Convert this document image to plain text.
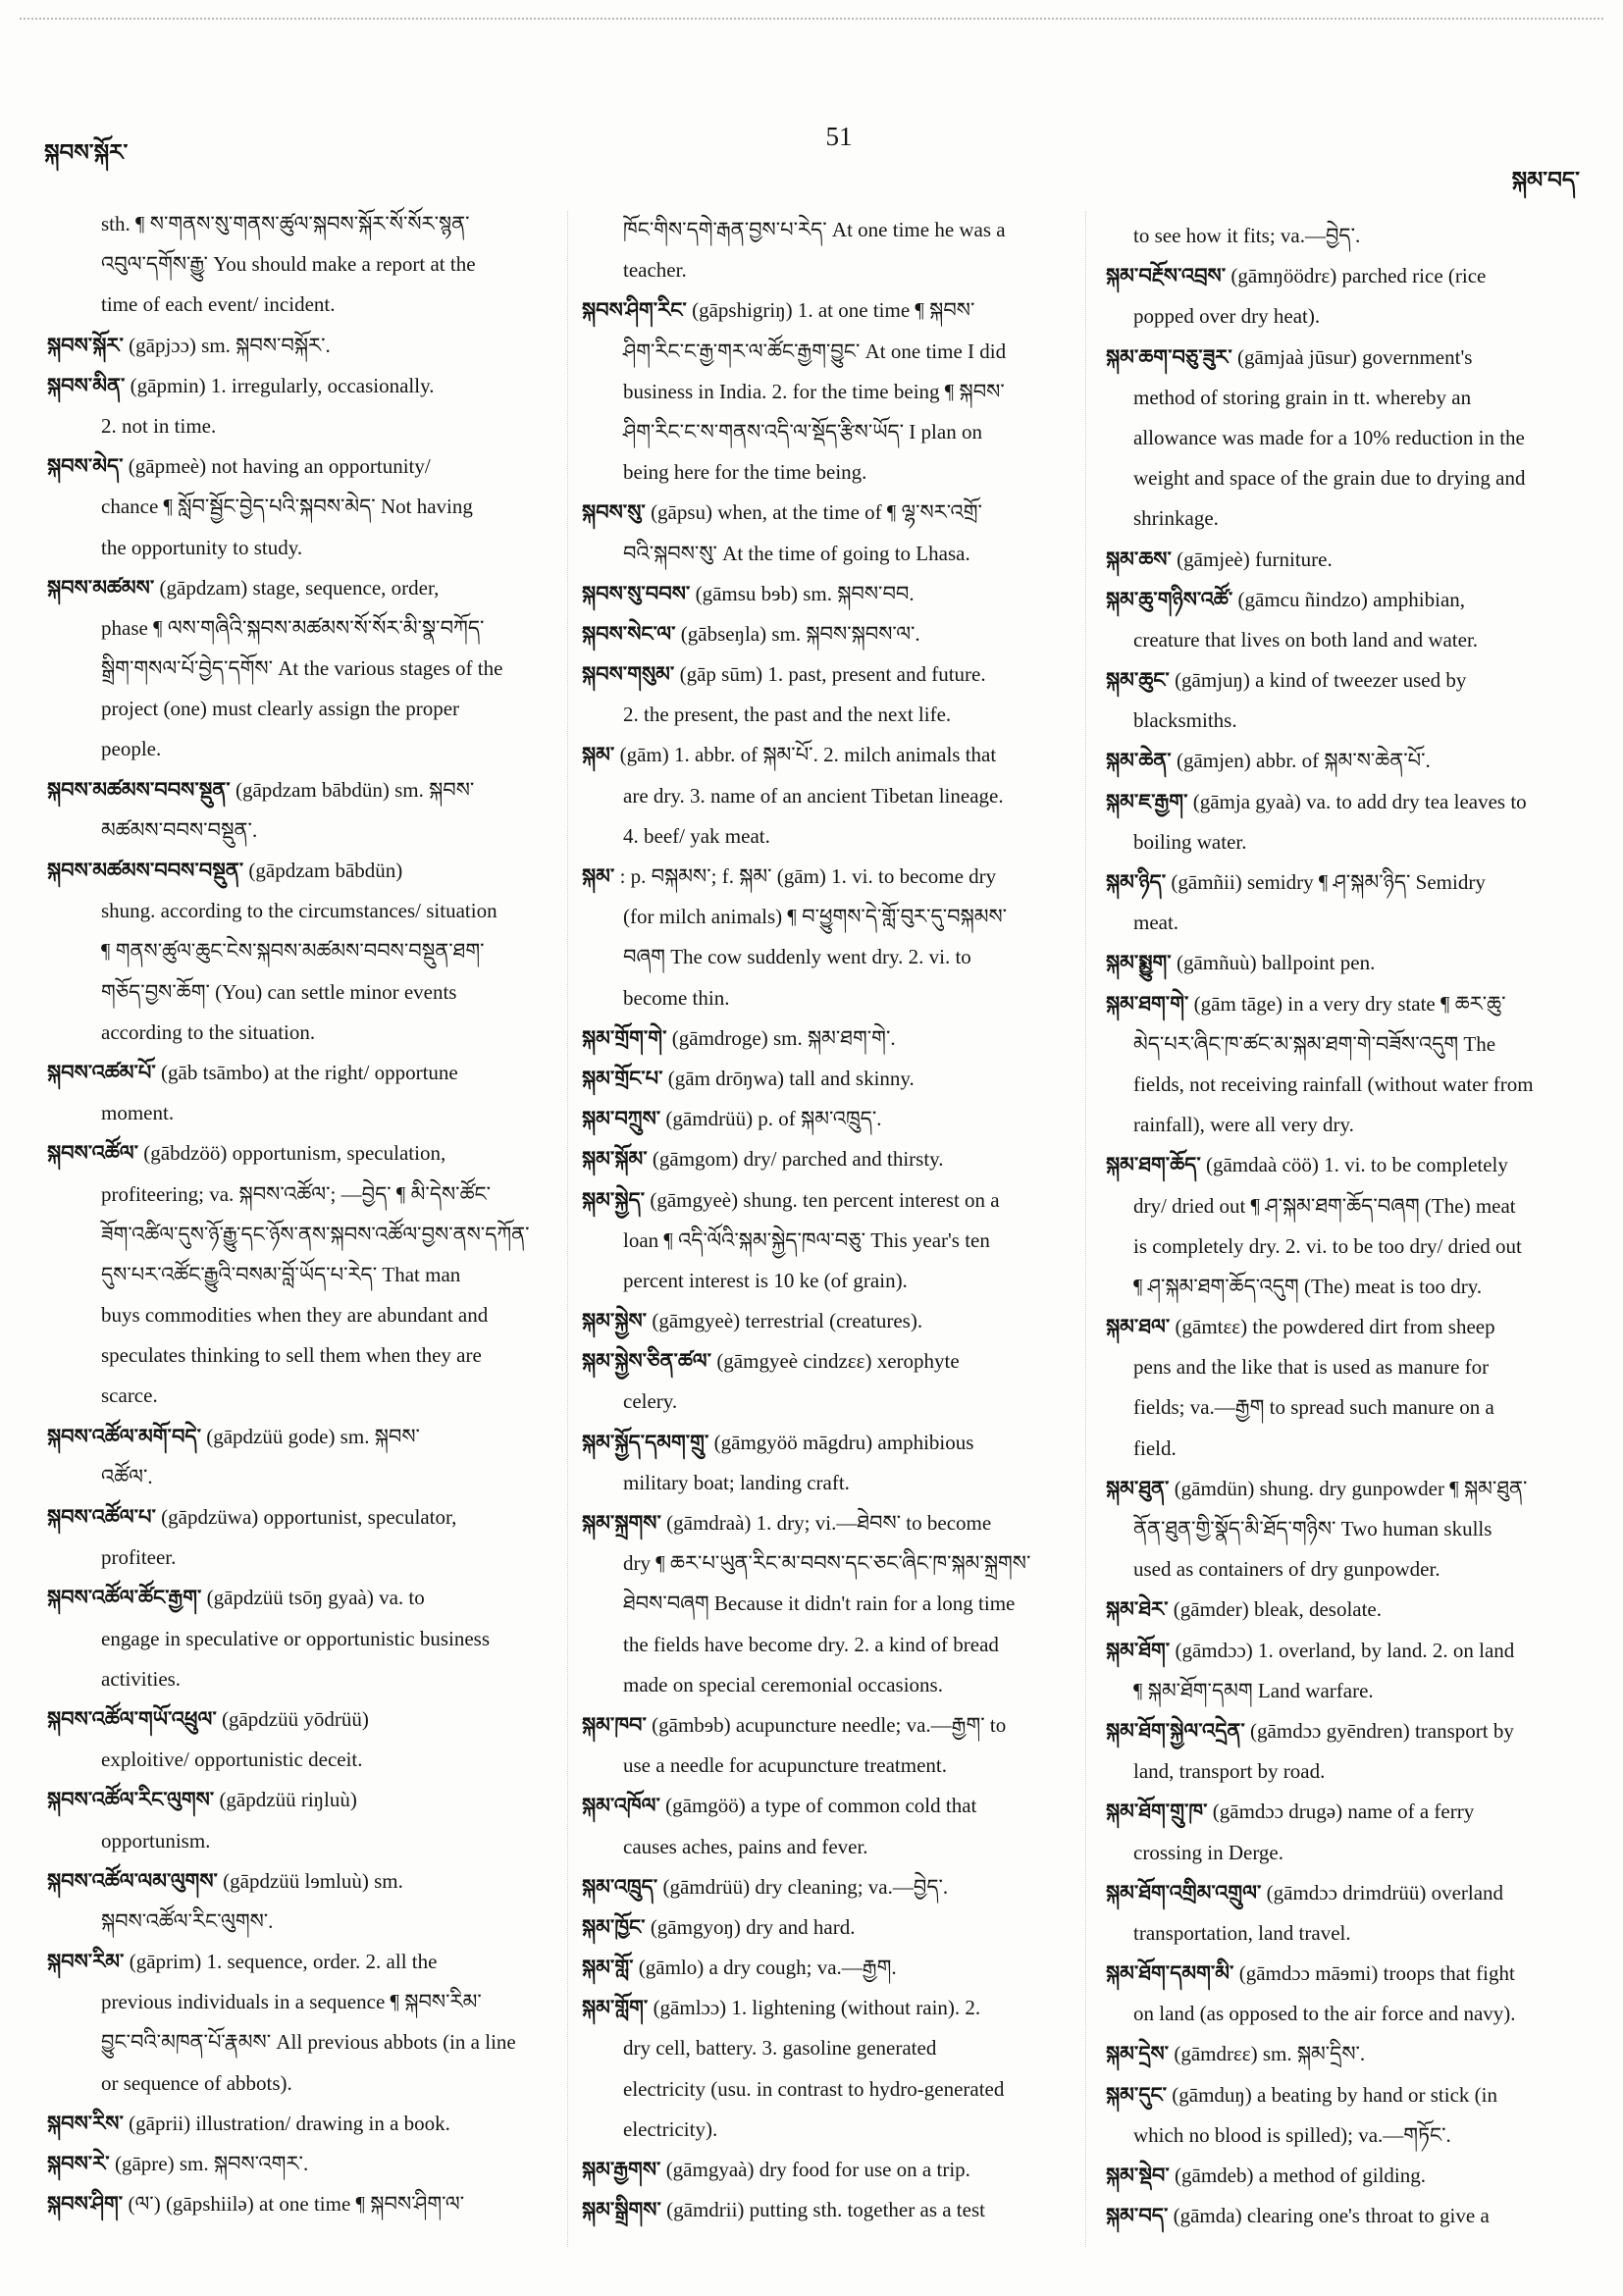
སྐབས་སྐོར་
51
སྐམ་བད་
sth. ¶ ས་གནས་སུ་གནས་ཚུལ་སྐབས་སྐོར་སོ་སོར་སྙན་
འབུལ་དགོས་རྒྱུ་ You should make a report at the
time of each event/ incident.
སྐབས་སྐོར་ (gāpjɔɔ) sm. སྐབས་བསྐོར་.
སྐབས་མིན་ (gāpmin) 1. irregularly, occasionally.
2. not in time.
སྐབས་མེད་ (gāpmeè) not having an opportunity/
chance ¶ སློབ་སྦྱོང་བྱེད་པའི་སྐབས་མེད་ Not having
the opportunity to study.
སྐབས་མཚམས་ (gāpdzam) stage, sequence, order,
phase ¶ ལས་གཞིའི་སྐབས་མཚམས་སོ་སོར་མི་སྣ་བཀོད་
སྒྲིག་གསལ་པོ་བྱེད་དགོས་ At the various stages of the
project (one) must clearly assign the proper
people.
སྐབས་མཚམས་བབས་སྡུན་ (gāpdzam bābdün) sm. སྐབས་
མཚམས་བབས་བསྡུན་.
སྐབས་མཚམས་བབས་བསྡུན་ (gāpdzam bābdün)
shung. according to the circumstances/ situation
¶ གནས་ཚུལ་ཆུང་ངེས་སྐབས་མཚམས་བབས་བསྡུན་ཐག་
གཅོད་བྱས་ཆོག་ (You) can settle minor events
according to the situation.
སྐབས་འཚམ་པོ་ (gāb tsāmbo) at the right/ opportune
moment.
སྐབས་འཚོལ་ (gābdzöö) opportunism, speculation,
profiteering; va. སྐབས་འཚོལ་; —བྱེད་ ¶ མི་དེས་ཚོང་
ཟོག་འཚིལ་དུས་ཉོ་རྒྱུ་དང་ཉོས་ནས་སྐབས་འཚོལ་བྱས་ནས་དཀོན་
དུས་པར་འཚོང་རྒྱུའི་བསམ་བློ་ཡོད་པ་རེད་ That man
buys commodities when they are abundant and
speculates thinking to sell them when they are
scarce.
སྐབས་འཚོལ་མགོ་བདེ་ (gāpdzüü gode) sm. སྐབས་
འཚོལ་.
སྐབས་འཚོལ་པ་ (gāpdzüwa) opportunist, speculator,
profiteer.
སྐབས་འཚོལ་ཚོང་རྒྱག་ (gāpdzüü tsōŋ gyaà) va. to
engage in speculative or opportunistic business
activities.
སྐབས་འཚོལ་གཡོ་འཕྲུལ་ (gāpdzüü yōdrüü)
exploitive/ opportunistic deceit.
སྐབས་འཚོལ་རིང་ལུགས་ (gāpdzüü riŋluù)
opportunism.
སྐབས་འཚོལ་ལམ་ལུགས་ (gāpdzüü lɘmluù) sm.
སྐབས་འཚོལ་རིང་ལུགས་.
སྐབས་རིམ་ (gāprim) 1. sequence, order. 2. all the
previous individuals in a sequence ¶ སྐབས་རིམ་
བྱུང་བའི་མཁན་པོ་རྣམས་ All previous abbots (in a line
or sequence of abbots).
སྐབས་རིས་ (gāprii) illustration/ drawing in a book.
སྐབས་རེ་ (gāpre) sm. སྐབས་འགར་.
སྐབས་ཤིག་ (ལ་) (gāpshiilə) at one time ¶ སྐབས་ཤིག་ལ་
ཁོང་གིས་དགེ་རྒན་བྱས་པ་རེད་ At one time he was a
teacher.
སྐབས་ཤིག་རིང་ (gāpshigriŋ) 1. at one time ¶ སྐབས་
ཤིག་རིང་ང་རྒྱ་གར་ལ་ཚོང་རྒྱག་བྱུང་ At one time I did
business in India. 2. for the time being ¶ སྐབས་
ཤིག་རིང་ང་ས་གནས་འདི་ལ་སྡོད་རྩིས་ཡོད་ I plan on
being here for the time being.
སྐབས་སུ་ (gāpsu) when, at the time of ¶ ལྷ་སར་འགྲོ་
བའི་སྐབས་སུ་ At the time of going to Lhasa.
སྐབས་སུ་བབས་ (gāmsu bɘb) sm. སྐབས་བབ.
སྐབས་སེང་ལ་ (gābseŋla) sm. སྐབས་སྐབས་ལ་.
སྐབས་གསུམ་ (gāp sūm) 1. past, present and future.
2. the present, the past and the next life.
སྐམ་ (gām) 1. abbr. of སྐམ་པོ་. 2. milch animals that
are dry. 3. name of an ancient Tibetan lineage.
4. beef/ yak meat.
སྐམ་ : p. བསྐམས་; f. སྐམ་ (gām) 1. vi. to become dry
(for milch animals) ¶ བ་ཕྱུགས་དེ་གློ་བུར་དུ་བསྐམས་
བཞག The cow suddenly went dry. 2. vi. to
become thin.
སྐམ་གྲོག་གེ་ (gāmdroge) sm. སྐམ་ཐག་གེ་.
སྐམ་གྲོང་པ་ (gām drōŋwa) tall and skinny.
སྐམ་བཀྲུས་ (gāmdrüü) p. of སྐམ་འཁྲུད་.
སྐམ་སྐོམ་ (gāmgom) dry/ parched and thirsty.
སྐམ་སྐྱེད་ (gāmgyeè) shung. ten percent interest on a
loan ¶ འདི་ལོའི་སྐམ་སྐྱེད་ཁལ་བཅུ་ This year's ten
percent interest is 10 ke (of grain).
སྐམ་སྐྱེས་ (gāmgyeè) terrestrial (creatures).
སྐམ་སྐྱེས་ཅིན་ཚལ་ (gāmgyeè cindzɛɛ) xerophyte
celery.
སྐམ་སྐྱོད་དམག་གྲུ་ (gāmgyöö māgdru) amphibious
military boat; landing craft.
སྐམ་སྐྲགས་ (gāmdraà) 1. dry; vi.—ཐེབས་ to become
dry ¶ ཆར་པ་ཡུན་རིང་མ་བབས་དང་ཅང་ཞིང་ཁ་སྐམ་སྐྲགས་
ཐེབས་བཞག Because it didn't rain for a long time
the fields have become dry. 2. a kind of bread
made on special ceremonial occasions.
སྐམ་ཁབ་ (gāmbɘb) acupuncture needle; va.—རྒྱག་ to
use a needle for acupuncture treatment.
སྐམ་འཁོལ་ (gāmgöö) a type of common cold that
causes aches, pains and fever.
སྐམ་འཁྲུད་ (gāmdrüü) dry cleaning; va.—བྱེད་.
སྐམ་ཁྱོང་ (gāmgyoŋ) dry and hard.
སྐམ་གློ་ (gāmlo) a dry cough; va.—རྒྱག.
སྐམ་གློག་ (gāmlɔɔ) 1. lightening (without rain). 2.
dry cell, battery. 3. gasoline generated
electricity (usu. in contrast to hydro-generated
electricity).
སྐམ་རྒྱགས་ (gāmgyaà) dry food for use on a trip.
སྐམ་སྒྲིགས་ (gāmdrii) putting sth. together as a test
to see how it fits; va.—བྱེད་.
སྐམ་བརྔོས་འབྲས་ (gāmŋöödrɛ) parched rice (rice
popped over dry heat).
སྐམ་ཆག་བཅུ་ཟུར་ (gāmjaà jūsur) government's
method of storing grain in tt. whereby an
allowance was made for a 10% reduction in the
weight and space of the grain due to drying and
shrinkage.
སྐམ་ཆས་ (gāmjeè) furniture.
སྐམ་ཆུ་གཉིས་འཚོ་ (gāmcu ñindzo) amphibian,
creature that lives on both land and water.
སྐམ་ཆུང་ (gāmjuŋ) a kind of tweezer used by
blacksmiths.
སྐམ་ཆེན་ (gāmjen) abbr. of སྐམ་ས་ཆེན་པོ་.
སྐམ་ཇ་རྒྱག་ (gāmja gyaà) va. to add dry tea leaves to
boiling water.
སྐམ་ཉིད་ (gāmñii) semidry ¶ ཤ་སྐམ་ཉིད་ Semidry
meat.
སྐམ་སྨྱུག་ (gāmñuù) ballpoint pen.
སྐམ་ཐག་གེ་ (gām tāge) in a very dry state ¶ ཆར་ཆུ་
མེད་པར་ཞིང་ཁ་ཚང་མ་སྐམ་ཐག་གེ་བཟོས་འདུག The
fields, not receiving rainfall (without water from
rainfall), were all very dry.
སྐམ་ཐག་ཆོད་ (gāmdaà cöö) 1. vi. to be completely
dry/ dried out ¶ ཤ་སྐམ་ཐག་ཆོད་བཞག (The) meat
is completely dry. 2. vi. to be too dry/ dried out
¶ ཤ་སྐམ་ཐག་ཆོད་འདུག (The) meat is too dry.
སྐམ་ཐལ་ (gāmtɛɛ) the powdered dirt from sheep
pens and the like that is used as manure for
fields; va.—རྒྱག to spread such manure on a
field.
སྐམ་ཐུན་ (gāmdün) shung. dry gunpowder ¶ སྐམ་ཐུན་
ནོན་ཐུན་གྱི་སྣོད་མི་ཐོད་གཉིས་ Two human skulls
used as containers of dry gunpowder.
སྐམ་ཐེར་ (gāmder) bleak, desolate.
སྐམ་ཐོག་ (gāmdɔɔ) 1. overland, by land. 2. on land
¶ སྐམ་ཐོག་དམག Land warfare.
སྐམ་ཐོག་སྐྱེལ་འདྲེན་ (gāmdɔɔ gyēndren) transport by
land, transport by road.
སྐམ་ཐོག་གྲུ་ཁ་ (gāmdɔɔ drugə) name of a ferry
crossing in Derge.
སྐམ་ཐོག་འགྲིམ་འགྲུལ་ (gāmdɔɔ drimdrüü) overland
transportation, land travel.
སྐམ་ཐོག་དམག་མི་ (gāmdɔɔ māɘmi) troops that fight
on land (as opposed to the air force and navy).
སྐམ་དྲེས་ (gāmdrɛɛ) sm. སྐམ་དྲིས་.
སྐམ་དུང་ (gāmduŋ) a beating by hand or stick (in
which no blood is spilled); va.—གཏོང་.
སྐམ་སྡེབ་ (gāmdeb) a method of gilding.
སྐམ་བད་ (gāmda) clearing one's throat to give a
